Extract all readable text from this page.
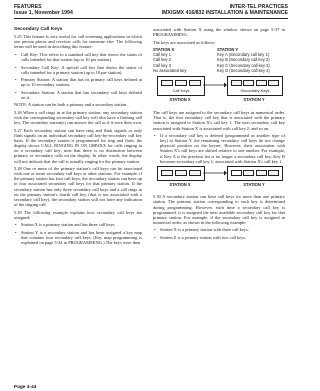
FEATURES
Issue 1, November 1994
INTER-TEL PRACTICES
IMX/GMX 416/832 INSTALLATION & MAINTENANCE
Secondary Call Keys

5.25 This feature is very useful for call screening applications in which one person places and receives calls for someone else. The following terms will be used in describing this feature:

• Call Key: This refers to a standard call key that shows the status of calls intended for that station (up to 10 per station).
• Secondary Call Key: A special call key that shows the status of calls intended for a primary station (up to 10 per station).
• Primary Station: A station that has its primary call keys defined at up to 10 secondary stations.
• Secondary Station: A station that has secondary call keys defined on it.

NOTE: A station can be both a primary and a secondary station.

5.26 When a call rings in at the primary station, any secondary station with the corresponding secondary call key will also have a flashing call key. The secondary station(s) can answer the call as if it were their own.

5.27 Each secondary station can have ring and flash signals or only flash signals on an individual secondary call key-by-secondary call key basis. If the secondary station is programmed for ring and flash, the display shows CALL RINGING IN ON GRP#XX for calls ringing in on a secondary call key; note that there is no distinction between primary or secondary calls on the display. In other words, the display will not indicate that the call is actually ringing for the primary station.

5.28 One or more of the primary station's call keys can be associated with one or more secondary call keys at other stations. For example, if the primary station has four call keys, the secondary station can have up to four associated secondary call keys for that primary station. If the secondary station has only three secondary call keys and a call rings in on the primary station's fourth call key (that is not associated with a secondary call key), the secondary station will not have any indication of the ringing call.

5.29 The following example explains how secondary call keys are assigned:

• Station X is a primary station and has three call keys.
• Station Y is a secondary station and has been assigned a key map that contains four secondary call keys. (Key map programming is explained on page 5-44 in PROGRAMMING.) The keys were then

associated with Station X using the window shown on page 5-37 in PROGRAMMING.

The keys are associated as follows:

STATION X	STATION Y
Call key 1	Key A (Secondary call key 1)
Call key 2	Key B (Secondary call key 2)
Call key 3	Key C (Secondary call key 3)
No associated key	Key D (Secondary call key 4)
Call Keys	Secondary Keys
STATION X	STATION Y

The call keys are assigned to the secondary call keys in numerical order. That is, the first secondary call key that is associated with the primary station is assigned to Station X's call key 1. The next secondary call key associated with Station X is associated with call key 2, and so on.

• If a secondary call key is deleted (programmed as another type of key) at Station Y, the remaining secondary call keys do not change physical position on the keyset. However, their association with Station X's call keys are shifted relative to one another. For example, if Key A is the previous list is no longer a secondary call key, Key B becomes secondary call key 1, associated with Station X's call key 1.
STATION X	STATION Y

5.30 A secondary station can have call keys for more than one primary station. The primary station corresponding to each key is determined during programming. However, each time a secondary call key is programmed, it is assigned the next available secondary call key for that primary station. For example, if the secondary call key is assigned in numerical order, as shown in the following example:

• Station X is a primary station with three call keys.
• Station Z is a primary station with two call keys.
Page 4-44
